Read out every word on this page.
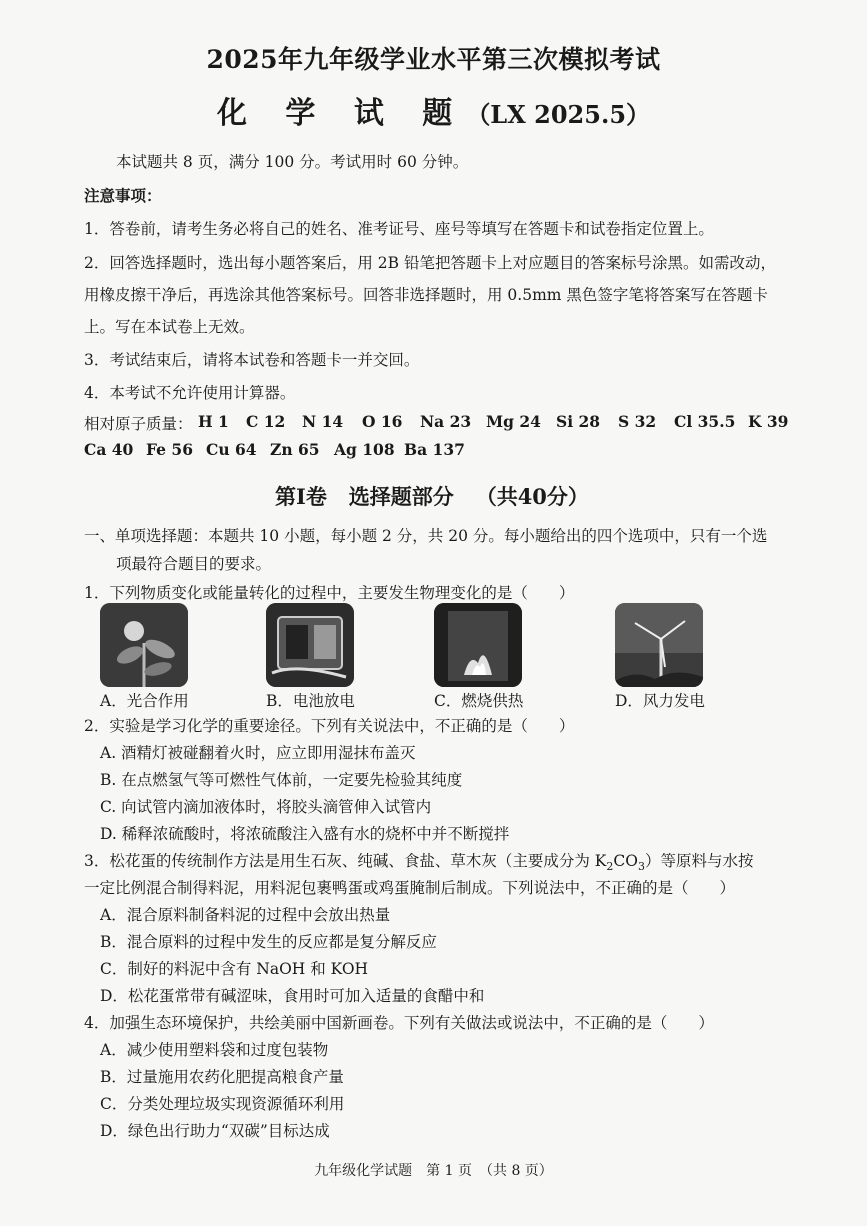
2025年九年级学业水平第三次模拟考试
化 学 试 题（LX 2025.5）
本试题共 8 页，满分 100 分。考试用时 60 分钟。
注意事项：
1．答卷前，请考生务必将自己的姓名、准考证号、座号等填写在答题卡和试卷指定位置上。
2．回答选择题时，选出每小题答案后，用 2B 铅笔把答题卡上对应题目的答案标号涂黑。如需改动，
用橡皮擦干净后，再选涂其他答案标号。回答非选择题时，用 0.5mm 黑色签字笔将答案写在答题卡
上。写在本试卷上无效。
3．考试结束后，请将本试卷和答题卡一并交回。
4．本考试不允许使用计算器。
相对原子质量： H 1 C 12 N 14 O 16 Na 23 Mg 24 Si 28 S 32 Cl 35.5 K 39
Ca 40 Fe 56 Cu 64 Zn 65 Ag 108 Ba 137
第Ⅰ卷   选择题部分   （共40分）
一、单项选择题：本题共 10 小题，每小题 2 分，共 20 分。每小题给出的四个选项中，只有一个选
项最符合题目的要求。
1．下列物质变化或能量转化的过程中，主要发生物理变化的是（　　）
A．光合作用	B．电池放电	C．燃烧供热	D．风力发电
2．实验是学习化学的重要途径。下列有关说法中，不正确的是（　　）
A. 酒精灯被碰翻着火时，应立即用湿抹布盖灭
B. 在点燃氢气等可燃性气体前，一定要先检验其纯度
C. 向试管内滴加液体时，将胶头滴管伸入试管内
D. 稀释浓硫酸时，将浓硫酸注入盛有水的烧杯中并不断搅拌
3．松花蛋的传统制作方法是用生石灰、纯碱、食盐、草木灰（主要成分为 $K_2CO_3$）等原料与水按
一定比例混合制得料泥，用料泥包裹鸭蛋或鸡蛋腌制后制成。下列说法中，不正确的是（　　）
A．混合原料制备料泥的过程中会放出热量
B．混合原料的过程中发生的反应都是复分解反应
C．制好的料泥中含有 NaOH 和 KOH
D．松花蛋常带有碱涩味，食用时可加入适量的食醋中和
4．加强生态环境保护，共绘美丽中国新画卷。下列有关做法或说法中，不正确的是（　　）
A．减少使用塑料袋和过度包装物
B．过量施用农药化肥提高粮食产量
C．分类处理垃圾实现资源循环利用
D．绿色出行助力“双碳”目标达成
九年级化学试题　第 1 页　（共 8 页）
